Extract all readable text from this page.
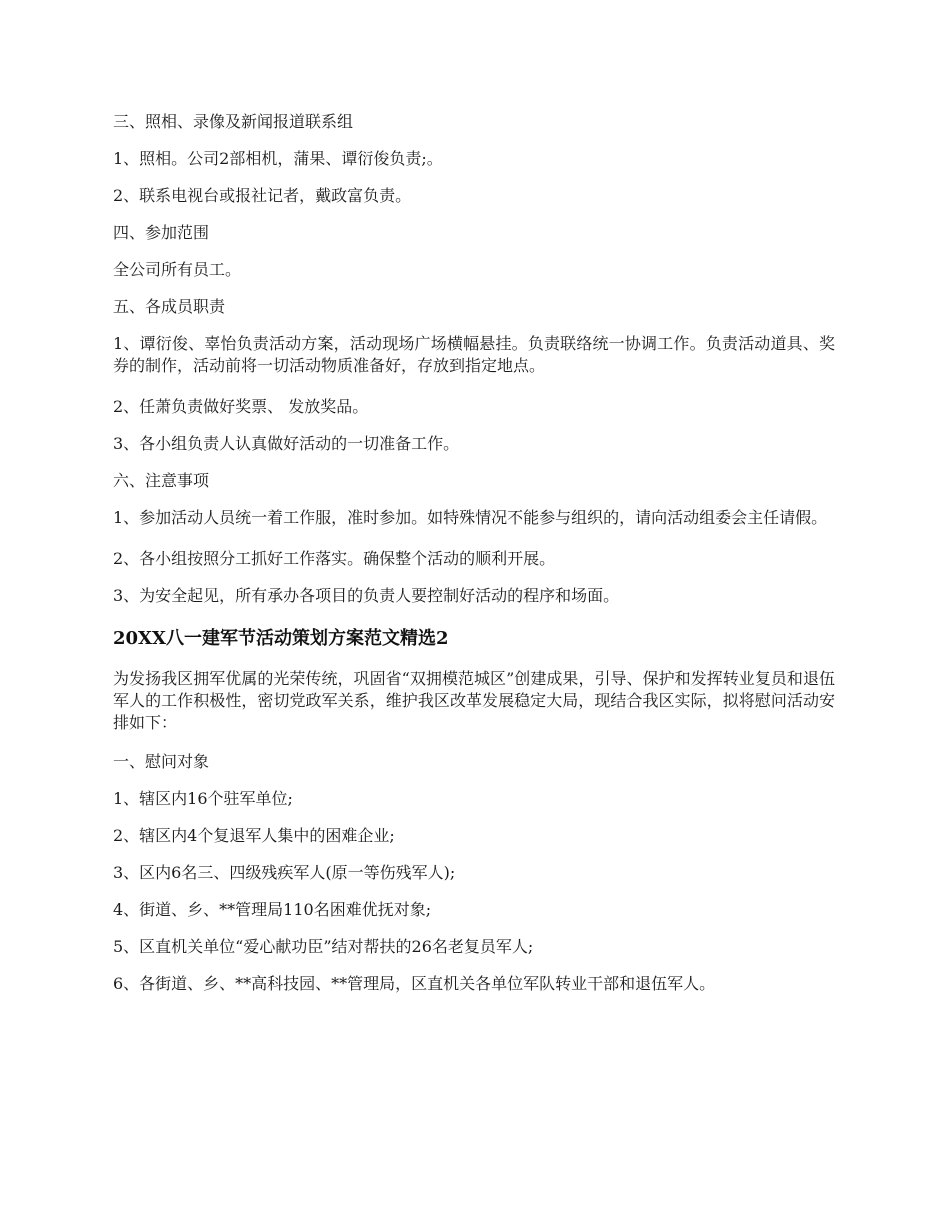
三、照相、录像及新闻报道联系组

1、照相。公司2部相机，蒲果、谭衍俊负责;。

2、联系电视台或报社记者，戴政富负责。

四、参加范围

全公司所有员工。

五、各成员职责

1、谭衍俊、辜怡负责活动方案，活动现场广场横幅悬挂。负责联络统一协调工作。负责活动道具、奖券的制作，活动前将一切活动物质准备好，存放到指定地点。

2、任萧负责做好奖票、 发放奖品。

3、各小组负责人认真做好活动的一切准备工作。

六、注意事项

1、参加活动人员统一着工作服，准时参加。如特殊情况不能参与组织的，请向活动组委会主任请假。

2、各小组按照分工抓好工作落实。确保整个活动的顺利开展。

3、为安全起见，所有承办各项目的负责人要控制好活动的程序和场面。

20XX八一建军节活动策划方案范文精选2

为发扬我区拥军优属的光荣传统，巩固省“双拥模范城区”创建成果，引导、保护和发挥转业复员和退伍军人的工作积极性，密切党政军关系，维护我区改革发展稳定大局，现结合我区实际，拟将慰问活动安排如下：

一、慰问对象

1、辖区内16个驻军单位;

2、辖区内4个复退军人集中的困难企业;

3、区内6名三、四级残疾军人(原一等伤残军人);

4、街道、乡、**管理局110名困难优抚对象;

5、区直机关单位“爱心献功臣”结对帮扶的26名老复员军人;

6、各街道、乡、**高科技园、**管理局，区直机关各单位军队转业干部和退伍军人。
